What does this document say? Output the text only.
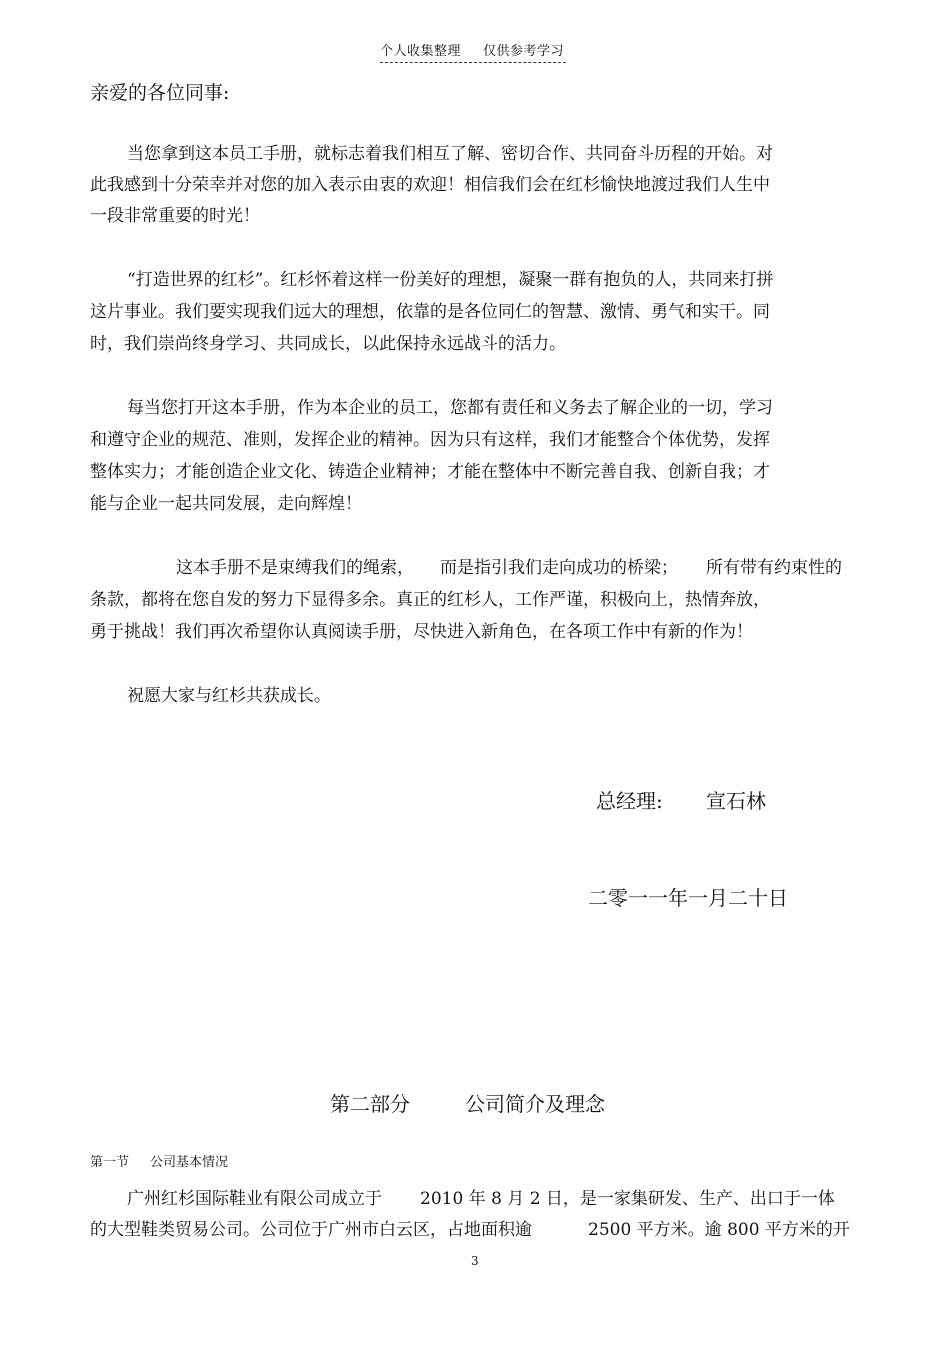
个人收集整理 仅供参考学习
亲爱的各位同事:
当您拿到这本员工手册，就标志着我们相互了解、密切合作、共同奋斗历程的开始。对
此我感到十分荣幸并对您的加入表示由衷的欢迎！相信我们会在红杉愉快地渡过我们人生中
一段非常重要的时光！
“打造世界的红杉”。红杉怀着这样一份美好的理想，凝聚一群有抱负的人，共同来打拼
这片事业。我们要实现我们远大的理想，依靠的是各位同仁的智慧、激情、勇气和实干。同
时，我们崇尚终身学习、共同成长，以此保持永远战斗的活力。
每当您打开这本手册，作为本企业的员工，您都有责任和义务去了解企业的一切，学习
和遵守企业的规范、准则，发挥企业的精神。因为只有这样，我们才能整合个体优势，发挥
整体实力；才能创造企业文化、铸造企业精神；才能在整体中不断完善自我、创新自我；才
能与企业一起共同发展，走向辉煌！
这本手册不是束缚我们的绳索， 而是指引我们走向成功的桥梁； 所有带有约束性的
条款，都将在您自发的努力下显得多余。真正的红杉人，工作严谨，积极向上，热情奔放，
勇于挑战！我们再次希望你认真阅读手册，尽快进入新角色，在各项工作中有新的作为！
祝愿大家与红杉共获成长。
总经理: 宣石林
二零一一年一月二十日
第二部分	公司简介及理念
第一节 公司基本情况
广州红杉国际鞋业有限公司成立于 2010 年 8 月 2 日，是一家集研发、生产、出口于一体
的大型鞋类贸易公司。公司位于广州市白云区，占地面积逾	2500 平方米。逾 800 平方米的开
3
